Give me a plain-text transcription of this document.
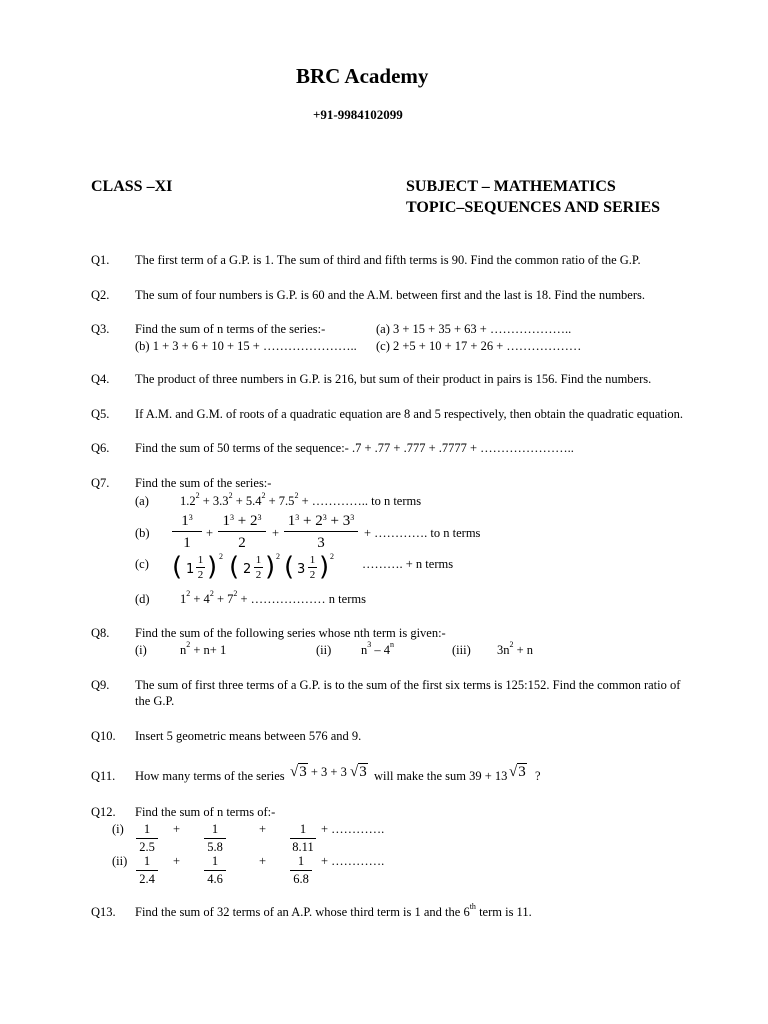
BRC Academy
+91-9984102099
CLASS –XI	SUBJECT – MATHEMATICS
TOPIC–SEQUENCES AND SERIES
Q1. The first term of a G.P. is 1. The sum of third and fifth terms is 90. Find the common ratio of the G.P.
Q2. The sum of four numbers is G.P. is 60 and the A.M. between first and the last is 18. Find the numbers.
Q3. Find the sum of n terms of the series:-	(a) 3 + 15 + 35 + 63 + ………………..
(b) 1 + 3 + 6 + 10 + 15 + ………………….. (c) 2 +5 + 10 + 17 + 26 + ………………
Q4. The product of three numbers in G.P. is 216, but sum of their product in pairs is 156. Find the numbers.
Q5. If A.M. and G.M. of roots of a quadratic equation are 8 and 5 respectively, then obtain the quadratic equation.
Q6. Find the sum of 50 terms of the sequence:- .7 + .77 + .777 + .7777 + …………………..
Q7. Find the sum of the series:-
(a) $1.2^2 + 3.3^2 + 5.4^2 + 7.5^2$ + ………….. to n terms
(b)
$1^3$
1
+
$1^3 + 2^3$
2
+
$1^3 + 2^3 + 3^3$
3
+ …………. to n terms
(c) ( 1
1
2 ) 2 ( 2
1
2 ) 2 ( 3
1
2 ) 2
………. + n terms
(d) $1^2 + 4^2 + 7^2$ + ……………… n terms
Q8. Find the sum of the following series whose nth term is given:-
(i)	$n^2 + n+ 1$	(ii) $n^3 - 4^n$	(iii) $3n^2 + n$
Q9. The sum of first three terms of a G.P. is to the sum of the first six terms is 125:152. Find the common ratio of
the G.P.
Q10. Insert 5 geometric means between 576 and 9.
Q11. How many terms of the series √3 + 3 + 3 √3 will make the sum 39 + 13 √3 ?
Q12. Find the sum of n terms of:-
(i)	1
2.5
+	1
5.8
+	1
8.11
+ ………….
(ii)	1
2.4
+	1
4.6
+	1
6.8
+ ………….
Q13. Find the sum of 32 terms of an A.P. whose third term is 1 and the 6th term is 11.
